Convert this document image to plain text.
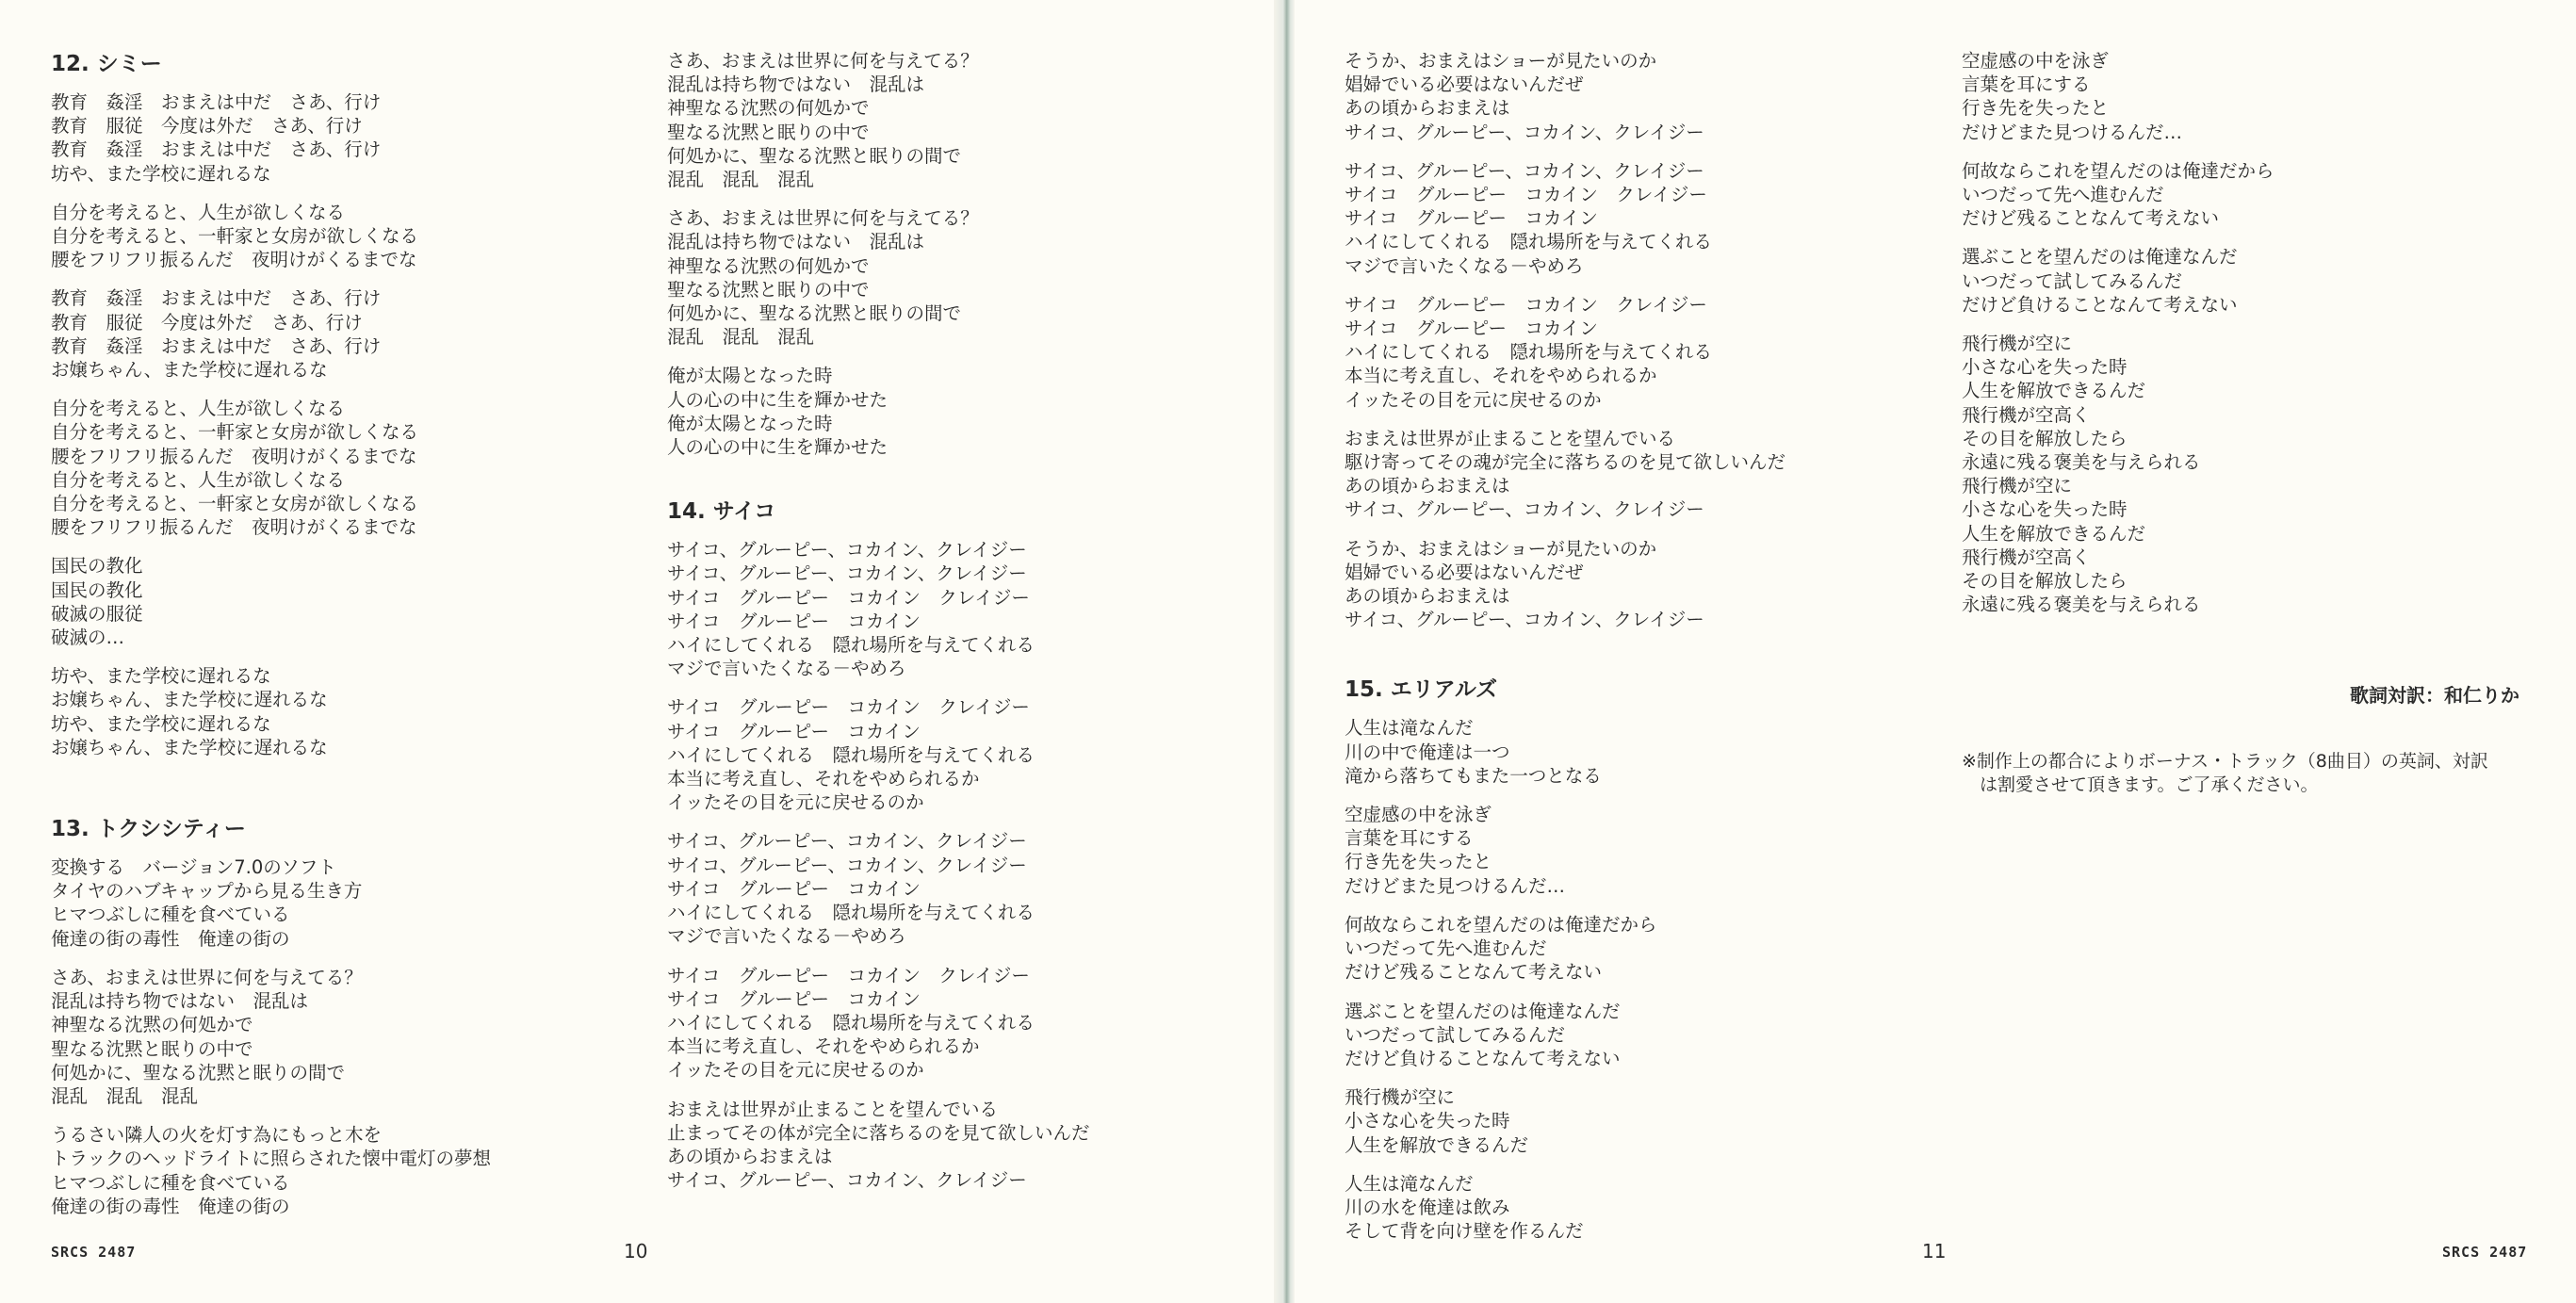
12. シミー
教育　姦淫　おまえは中だ　さあ、行け
教育　服従　今度は外だ　さあ、行け
教育　姦淫　おまえは中だ　さあ、行け
坊や、また学校に遅れるな
自分を考えると、人生が欲しくなる
自分を考えると、一軒家と女房が欲しくなる
腰をフリフリ振るんだ　夜明けがくるまでな
教育　姦淫　おまえは中だ　さあ、行け
教育　服従　今度は外だ　さあ、行け
教育　姦淫　おまえは中だ　さあ、行け
お嬢ちゃん、また学校に遅れるな
自分を考えると、人生が欲しくなる
自分を考えると、一軒家と女房が欲しくなる
腰をフリフリ振るんだ　夜明けがくるまでな
自分を考えると、人生が欲しくなる
自分を考えると、一軒家と女房が欲しくなる
腰をフリフリ振るんだ　夜明けがくるまでな
国民の教化
国民の教化
破滅の服従
破滅の…
坊や、また学校に遅れるな
お嬢ちゃん、また学校に遅れるな
坊や、また学校に遅れるな
お嬢ちゃん、また学校に遅れるな
13. トクシシティー
変換する　バージョン7.0のソフト
タイヤのハブキャップから見る生き方
ヒマつぶしに種を食べている
俺達の街の毒性　俺達の街の
さあ、おまえは世界に何を与えてる？
混乱は持ち物ではない　混乱は
神聖なる沈黙の何処かで
聖なる沈黙と眠りの中で
何処かに、聖なる沈黙と眠りの間で
混乱　混乱　混乱
うるさい隣人の火を灯す為にもっと木を
トラックのヘッドライトに照らされた懐中電灯の夢想
ヒマつぶしに種を食べている
俺達の街の毒性　俺達の街の
さあ、おまえは世界に何を与えてる？
混乱は持ち物ではない　混乱は
神聖なる沈黙の何処かで
聖なる沈黙と眠りの中で
何処かに、聖なる沈黙と眠りの間で
混乱　混乱　混乱
さあ、おまえは世界に何を与えてる？
混乱は持ち物ではない　混乱は
神聖なる沈黙の何処かで
聖なる沈黙と眠りの中で
何処かに、聖なる沈黙と眠りの間で
混乱　混乱　混乱
俺が太陽となった時
人の心の中に生を輝かせた
俺が太陽となった時
人の心の中に生を輝かせた
14. サイコ
サイコ、グルーピー、コカイン、クレイジー
サイコ、グルーピー、コカイン、クレイジー
サイコ　グルーピー　コカイン　クレイジー
サイコ　グルーピー　コカイン
ハイにしてくれる　隠れ場所を与えてくれる
マジで言いたくなる－やめろ
サイコ　グルーピー　コカイン　クレイジー
サイコ　グルーピー　コカイン
ハイにしてくれる　隠れ場所を与えてくれる
本当に考え直し、それをやめられるか
イッたその目を元に戻せるのか
サイコ、グルーピー、コカイン、クレイジー
サイコ、グルーピー、コカイン、クレイジー
サイコ　グルーピー　コカイン
ハイにしてくれる　隠れ場所を与えてくれる
マジで言いたくなる－やめろ
サイコ　グルーピー　コカイン　クレイジー
サイコ　グルーピー　コカイン
ハイにしてくれる　隠れ場所を与えてくれる
本当に考え直し、それをやめられるか
イッたその目を元に戻せるのか
おまえは世界が止まることを望んでいる
止まってその体が完全に落ちるのを見て欲しいんだ
あの頃からおまえは
サイコ、グルーピー、コカイン、クレイジー
そうか、おまえはショーが見たいのか
娼婦でいる必要はないんだぜ
あの頃からおまえは
サイコ、グルーピー、コカイン、クレイジー
サイコ、グルーピー、コカイン、クレイジー
サイコ　グルーピー　コカイン　クレイジー
サイコ　グルーピー　コカイン
ハイにしてくれる　隠れ場所を与えてくれる
マジで言いたくなる－やめろ
サイコ　グルーピー　コカイン　クレイジー
サイコ　グルーピー　コカイン
ハイにしてくれる　隠れ場所を与えてくれる
本当に考え直し、それをやめられるか
イッたその目を元に戻せるのか
おまえは世界が止まることを望んでいる
駆け寄ってその魂が完全に落ちるのを見て欲しいんだ
あの頃からおまえは
サイコ、グルーピー、コカイン、クレイジー
そうか、おまえはショーが見たいのか
娼婦でいる必要はないんだぜ
あの頃からおまえは
サイコ、グルーピー、コカイン、クレイジー
15. エリアルズ
人生は滝なんだ
川の中で俺達は一つ
滝から落ちてもまた一つとなる
空虚感の中を泳ぎ
言葉を耳にする
行き先を失ったと
だけどまた見つけるんだ…
何故ならこれを望んだのは俺達だから
いつだって先へ進むんだ
だけど残ることなんて考えない
選ぶことを望んだのは俺達なんだ
いつだって試してみるんだ
だけど負けることなんて考えない
飛行機が空に
小さな心を失った時
人生を解放できるんだ
人生は滝なんだ
川の水を俺達は飲み
そして背を向け壁を作るんだ
空虚感の中を泳ぎ
言葉を耳にする
行き先を失ったと
だけどまた見つけるんだ…
何故ならこれを望んだのは俺達だから
いつだって先へ進むんだ
だけど残ることなんて考えない
選ぶことを望んだのは俺達なんだ
いつだって試してみるんだ
だけど負けることなんて考えない
飛行機が空に
小さな心を失った時
人生を解放できるんだ
飛行機が空高く
その目を解放したら
永遠に残る褒美を与えられる
飛行機が空に
小さな心を失った時
人生を解放できるんだ
飛行機が空高く
その目を解放したら
永遠に残る褒美を与えられる
歌詞対訳：和仁りか
※制作上の都合によりボーナス・トラック（8曲目）の英詞、対訳
　は割愛させて頂きます。ご了承ください。
SRCS 2487	10	11	SRCS 2487
